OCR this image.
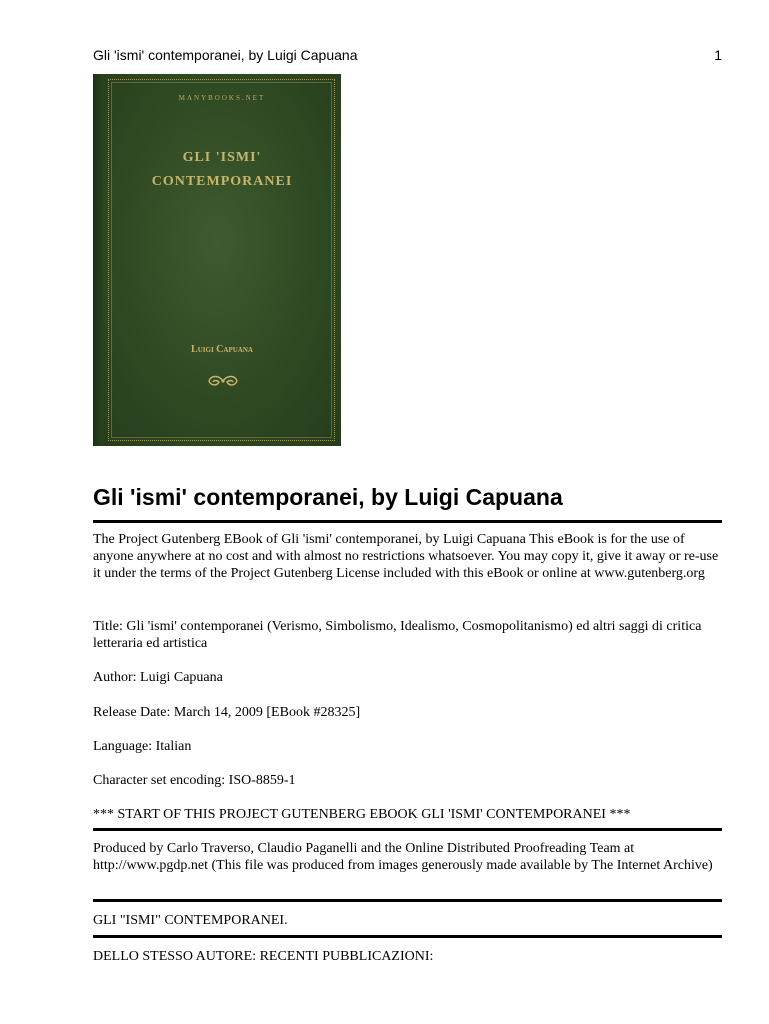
Gli 'ismi' contemporanei, by Luigi Capuana	1
MANYBOOKS.NET
GLI 'ISMI'
CONTEMPORANEI
Luigi Capuana
Gli 'ismi' contemporanei, by Luigi Capuana

The Project Gutenberg EBook of Gli 'ismi' contemporanei, by Luigi Capuana This eBook is for the use of anyone anywhere at no cost and with almost no restrictions whatsoever. You may copy it, give it away or re-use it under the terms of the Project Gutenberg License included with this eBook or online at www.gutenberg.org

Title: Gli 'ismi' contemporanei (Verismo, Simbolismo, Idealismo, Cosmopolitanismo) ed altri saggi di critica letteraria ed artistica

Author: Luigi Capuana

Release Date: March 14, 2009 [EBook #28325]

Language: Italian

Character set encoding: ISO-8859-1

*** START OF THIS PROJECT GUTENBERG EBOOK GLI 'ISMI' CONTEMPORANEI ***

Produced by Carlo Traverso, Claudio Paganelli and the Online Distributed Proofreading Team at http://www.pgdp.net (This file was produced from images generously made available by The Internet Archive)

GLI "ISMI" CONTEMPORANEI.

DELLO STESSO AUTORE: RECENTI PUBBLICAZIONI:
